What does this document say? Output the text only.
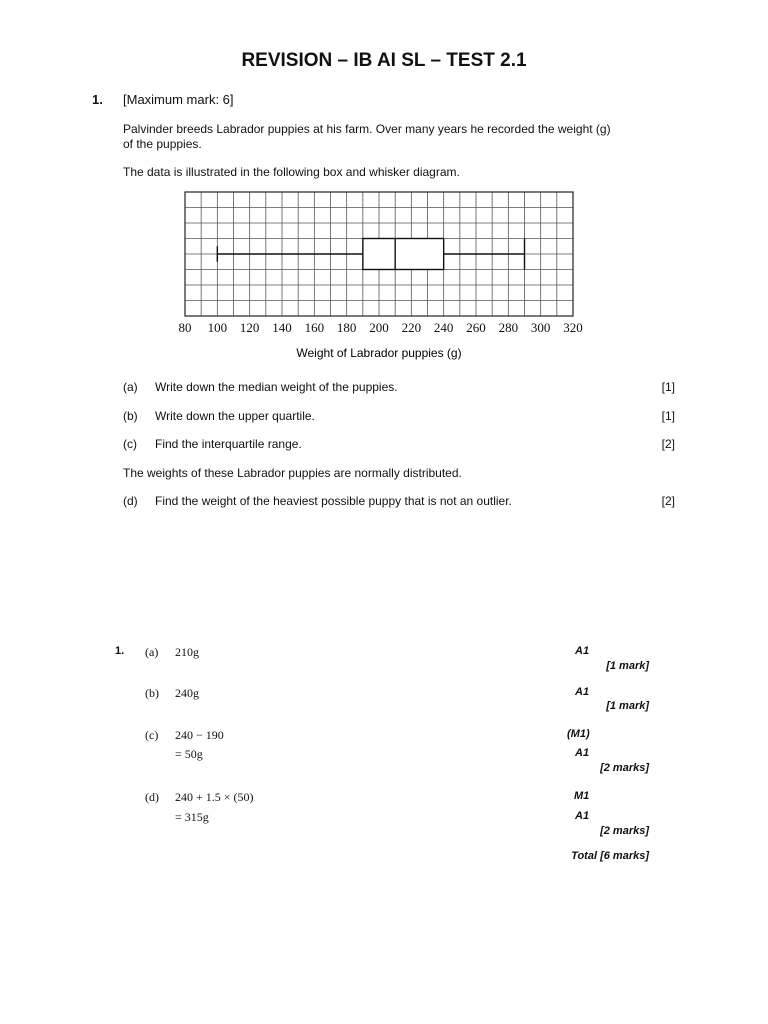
REVISION – IB AI SL – TEST 2.1
1. [Maximum mark: 6]
Palvinder breeds Labrador puppies at his farm. Over many years he recorded the weight (g)
of the puppies.
The data is illustrated in the following box and whisker diagram.
80 100 120 140 160 180 200 220 240 260 280 300 320
Weight of Labrador puppies (g)
(a) Write down the median weight of the puppies.	[1]
(b) Write down the upper quartile.	[1]
(c) Find the interquartile range.	[2]
The weights of these Labrador puppies are normally distributed.
(d) Find the weight of the heaviest possible puppy that is not an outlier.	[2]
1. (a) 210g	A1
[1 mark]
(b) 240g	A1
[1 mark]
(c) 240 − 190	(M1)
= 50g	A1
[2 marks]
(d) 240 + 1.5 × (50)	M1
= 315g	A1
[2 marks]
Total [6 marks]
